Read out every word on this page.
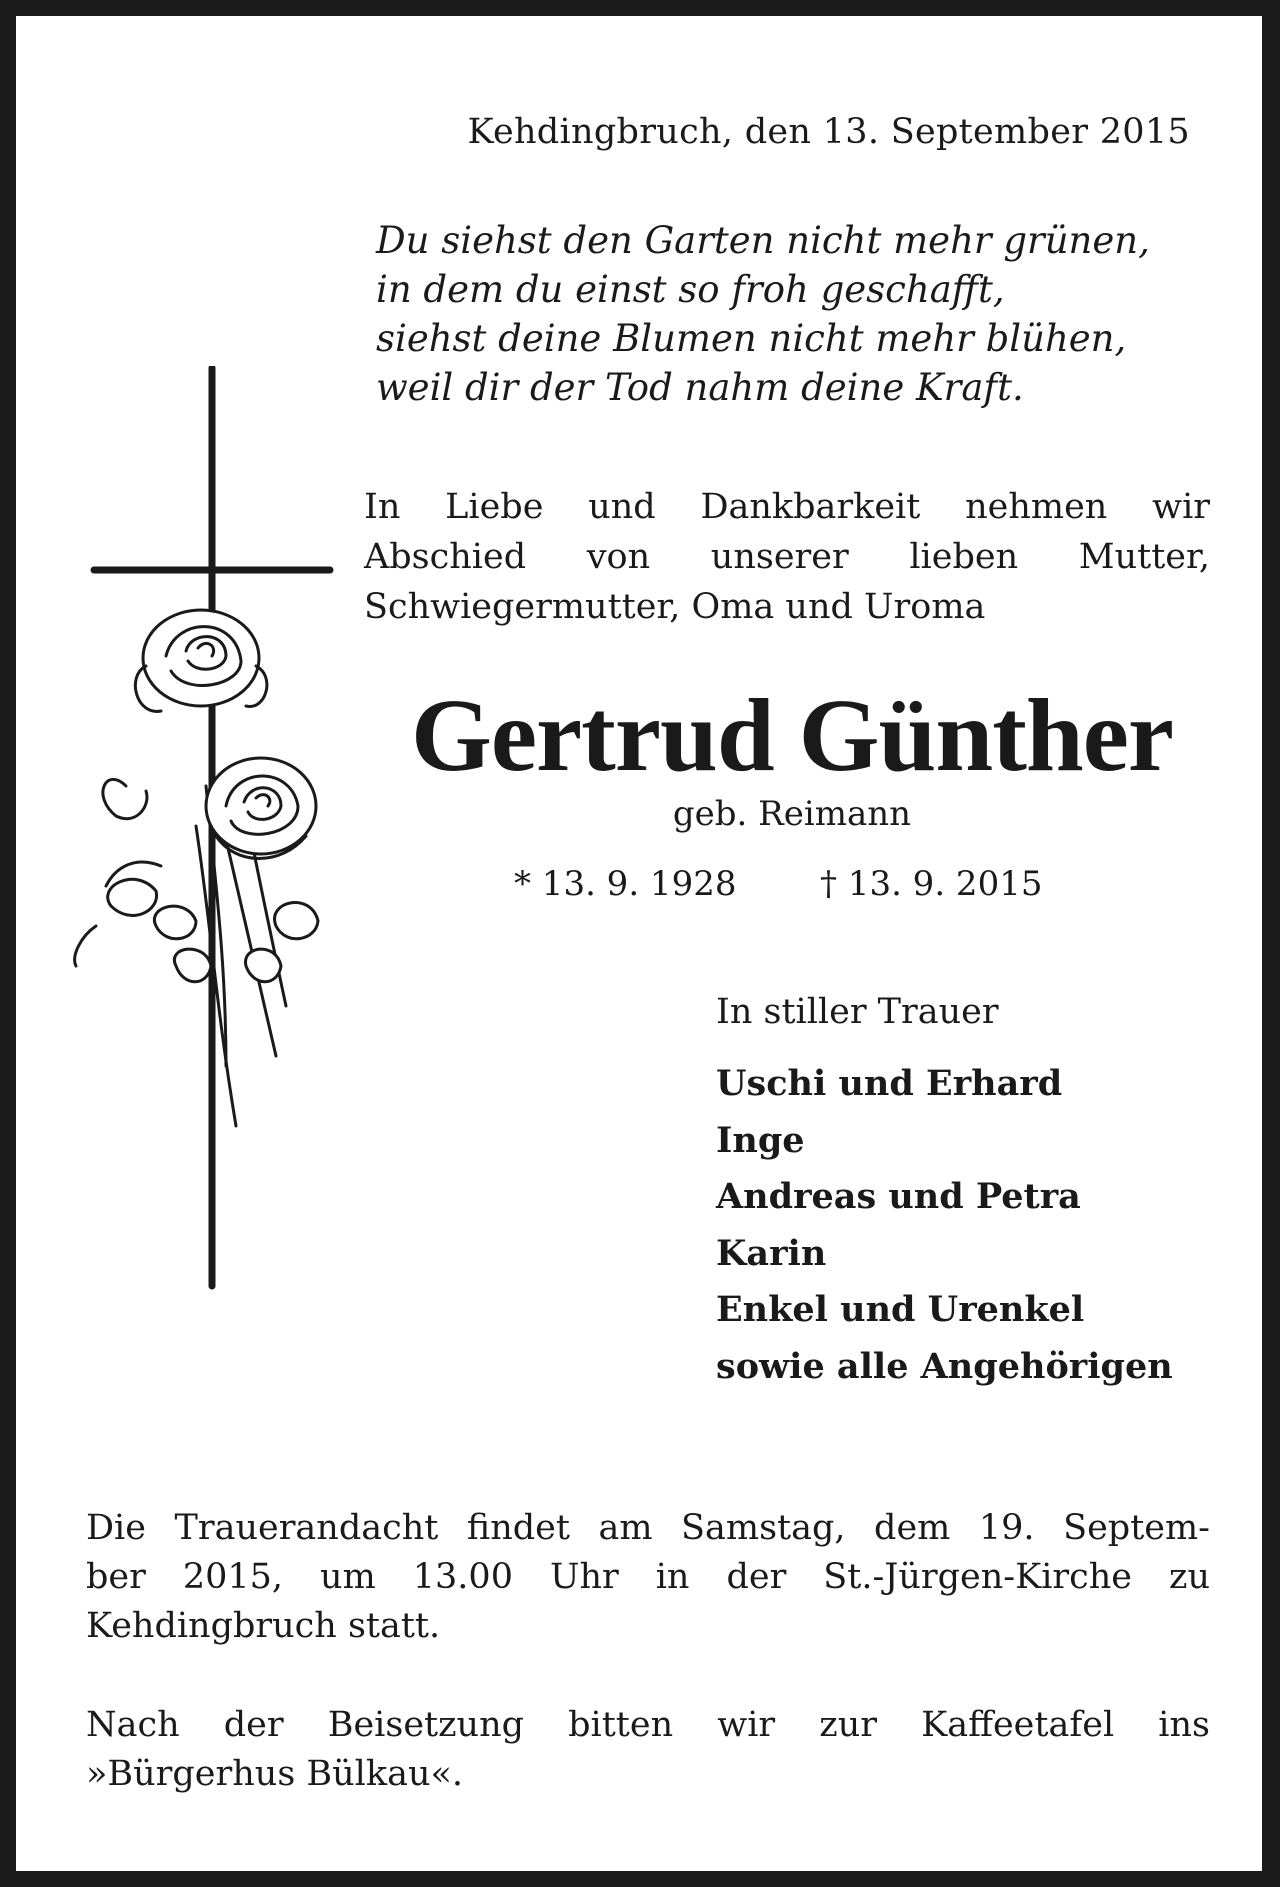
Kehdingbruch, den 13. September 2015
Du siehst den Garten nicht mehr grünen,
in dem du einst so froh geschafft,
siehst deine Blumen nicht mehr blühen,
weil dir der Tod nahm deine Kraft.
In Liebe und Dankbarkeit nehmen wir
Abschied von unserer lieben Mutter,
Schwiegermutter, Oma und Uroma
Gertrud Günther
geb. Reimann
* 13. 9. 1928 † 13. 9. 2015
In stiller Trauer
Uschi und Erhard
Inge
Andreas und Petra
Karin
Enkel und Urenkel
sowie alle Angehörigen
Die Trauerandacht findet am Samstag, dem 19. Septem-
ber 2015, um 13.00 Uhr in der St.-Jürgen-Kirche zu
Kehdingbruch statt.
Nach der Beisetzung bitten wir zur Kaffeetafel ins
»Bürgerhus Bülkau«.
